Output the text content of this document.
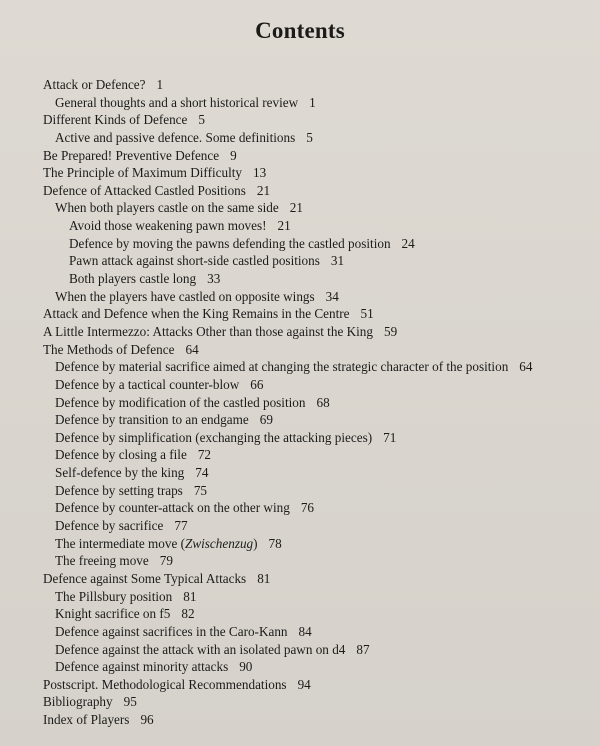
Contents
Attack or Defence? 1
General thoughts and a short historical review 1
Different Kinds of Defence 5
Active and passive defence. Some definitions 5
Be Prepared! Preventive Defence 9
The Principle of Maximum Difficulty 13
Defence of Attacked Castled Positions 21
When both players castle on the same side 21
Avoid those weakening pawn moves! 21
Defence by moving the pawns defending the castled position 24
Pawn attack against short-side castled positions 31
Both players castle long 33
When the players have castled on opposite wings 34
Attack and Defence when the King Remains in the Centre 51
A Little Intermezzo: Attacks Other than those against the King 59
The Methods of Defence 64
Defence by material sacrifice aimed at changing the strategic character of the position 64
Defence by a tactical counter-blow 66
Defence by modification of the castled position 68
Defence by transition to an endgame 69
Defence by simplification (exchanging the attacking pieces) 71
Defence by closing a file 72
Self-defence by the king 74
Defence by setting traps 75
Defence by counter-attack on the other wing 76
Defence by sacrifice 77
The intermediate move (Zwischenzug) 78
The freeing move 79
Defence against Some Typical Attacks 81
The Pillsbury position 81
Knight sacrifice on f5 82
Defence against sacrifices in the Caro-Kann 84
Defence against the attack with an isolated pawn on d4 87
Defence against minority attacks 90
Postscript. Methodological Recommendations 94
Bibliography 95
Index of Players 96
